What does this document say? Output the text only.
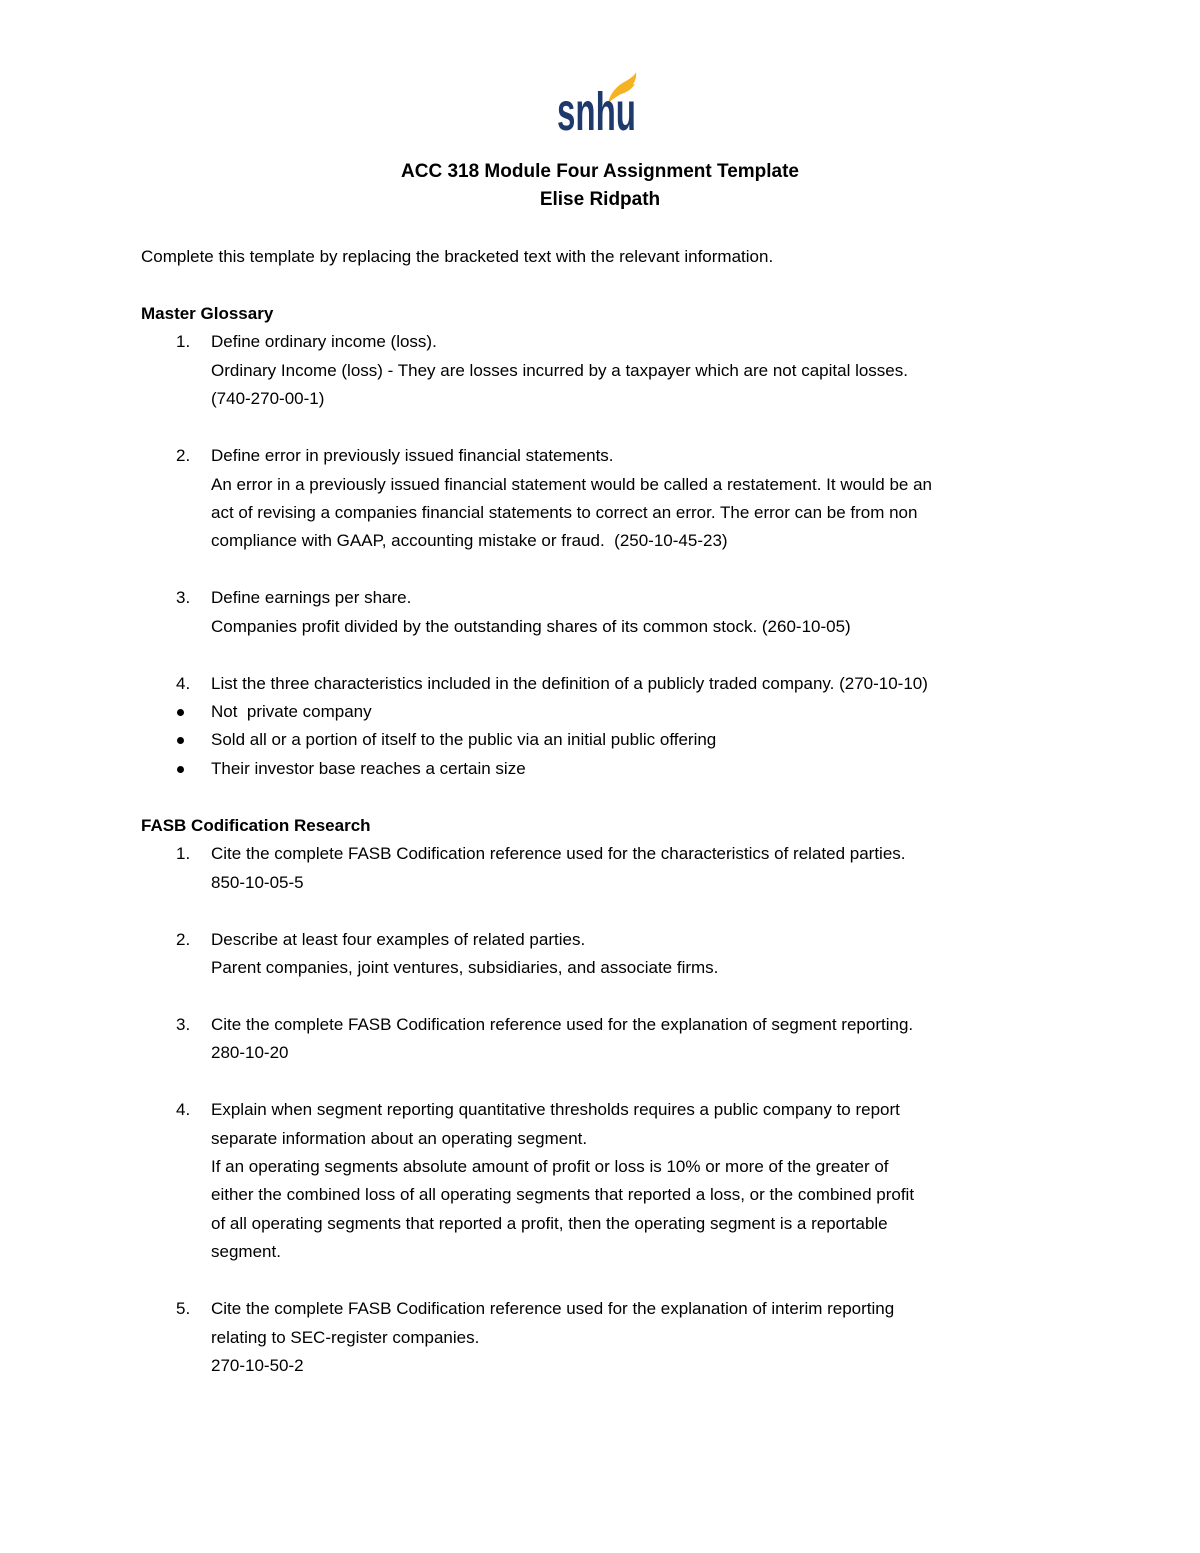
snhu
ACC 318 Module Four Assignment Template
Elise Ridpath
Complete this template by replacing the bracketed text with the relevant information.
Master Glossary
1. Define ordinary income (loss).
Ordinary Income (loss) - They are losses incurred by a taxpayer which are not capital losses.
(740-270-00-1)
2. Define error in previously issued financial statements.
An error in a previously issued financial statement would be called a restatement. It would be an
act of revising a companies financial statements to correct an error. The error can be from non
compliance with GAAP, accounting mistake or fraud.  (250-10-45-23)
3. Define earnings per share.
Companies profit divided by the outstanding shares of its common stock. (260-10-05)
4. List the three characteristics included in the definition of a publicly traded company. (270-10-10)
Not  private company
Sold all or a portion of itself to the public via an initial public offering
Their investor base reaches a certain size
FASB Codification Research
1. Cite the complete FASB Codification reference used for the characteristics of related parties.
850-10-05-5
2. Describe at least four examples of related parties.
Parent companies, joint ventures, subsidiaries, and associate firms.
3. Cite the complete FASB Codification reference used for the explanation of segment reporting.
280-10-20
4. Explain when segment reporting quantitative thresholds requires a public company to report
separate information about an operating segment.
If an operating segments absolute amount of profit or loss is 10% or more of the greater of
either the combined loss of all operating segments that reported a loss, or the combined profit
of all operating segments that reported a profit, then the operating segment is a reportable
segment.
5. Cite the complete FASB Codification reference used for the explanation of interim reporting
relating to SEC-register companies.
270-10-50-2
